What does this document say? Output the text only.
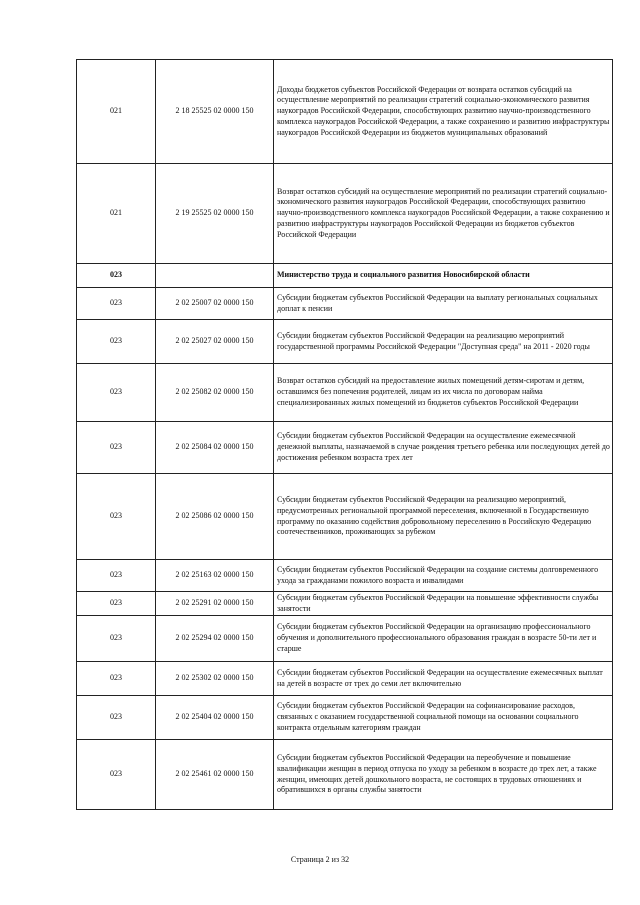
021	2 18 25525 02 0000 150	Доходы бюджетов субъектов Российской Федерации от возврата остатков субсидий на осуществление мероприятий по реализации стратегий социально-экономического развития наукоградов Российской Федерации, способствующих развитию научно-производственного комплекса наукоградов Российской Федерации, а также сохранению и развитию инфраструктуры наукоградов Российской Федерации из бюджетов муниципальных образований
021	2 19 25525 02 0000 150	Возврат остатков субсидий на осуществление мероприятий по реализации стратегий социально-экономического развития наукоградов Российской Федерации, способствующих развитию научно-производственного комплекса наукоградов Российской Федерации, а также сохранению и развитию инфраструктуры наукоградов Российской Федерации из бюджетов субъектов Российской Федерации
023		Министерство труда и социального развития Новосибирской области
023	2 02 25007 02 0000 150	Субсидии бюджетам субъектов Российской Федерации на выплату региональных социальных доплат к пенсии
023	2 02 25027 02 0000 150	Субсидии бюджетам субъектов Российской Федерации на реализацию мероприятий государственной программы Российской Федерации "Доступная среда" на 2011 - 2020 годы
023	2 02 25082 02 0000 150	Возврат остатков субсидий на предоставление жилых помещений детям-сиротам и детям, оставшимся без попечения родителей, лицам из их числа по договорам найма специализированных жилых помещений из бюджетов субъектов Российской Федерации
023	2 02 25084 02 0000 150	Субсидии бюджетам субъектов Российской Федерации на осуществление ежемесячной денежной выплаты, назначаемой в случае рождения третьего ребенка или последующих детей до достижения ребенком возраста трех лет
023	2 02 25086 02 0000 150	Субсидии бюджетам субъектов Российской Федерации на реализацию мероприятий, предусмотренных региональной программой переселения, включенной в Государственную программу по оказанию содействия добровольному переселению в Российскую Федерацию соотечественников, проживающих за рубежом
023	2 02 25163 02 0000 150	Субсидии бюджетам субъектов Российской Федерации на создание системы долговременного ухода за гражданами пожилого возраста и инвалидами
023	2 02 25291 02 0000 150	Субсидии бюджетам субъектов Российской Федерации на повышение эффективности службы занятости
023	2 02 25294 02 0000 150	Субсидии бюджетам субъектов Российской Федерации на организацию профессионального обучения и дополнительного профессионального образования граждан в возрасте 50-ти лет и старше
023	2 02 25302 02 0000 150	Субсидии бюджетам субъектов Российской Федерации на осуществление ежемесячных выплат на детей в возрасте от трех до семи лет включительно
023	2 02 25404 02 0000 150	Субсидии бюджетам субъектов Российской Федерации на софинансирование расходов, связанных с оказанием государственной социальной помощи на основании социального контракта отдельным категориям граждан
023	2 02 25461 02 0000 150	Субсидии бюджетам субъектов Российской Федерации на переобучение и повышение квалификации женщин в период отпуска по уходу за ребенком в возрасте до трех лет, а также женщин, имеющих детей дошкольного возраста, не состоящих в трудовых отношениях и обратившихся в органы службы занятости
Страница 2 из 32
